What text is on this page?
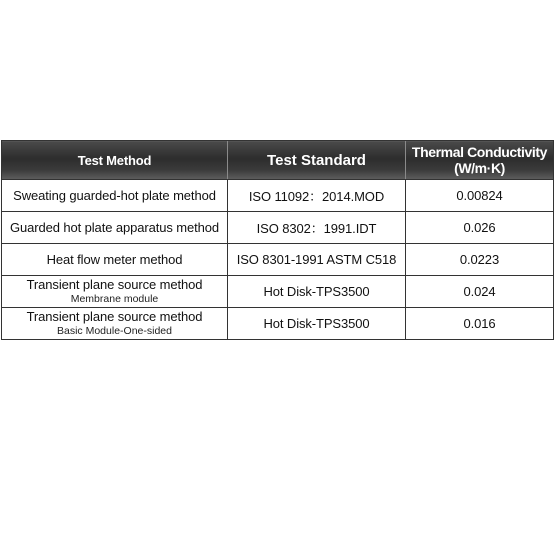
Test Method	Test Standard	Thermal Conductivity
(W/m·K)

Sweating guarded-hot plate method	ISO 11092：2014.MOD	0.00824
Guarded hot plate apparatus method	ISO 8302：1991.IDT	0.026
Heat flow meter method	ISO 8301-1991 ASTM C518	0.0223

Transient plane source method
Membrane module	Hot Disk-TPS3500	0.024

Transient plane source method
Basic Module-One-sided	Hot Disk-TPS3500	0.016
